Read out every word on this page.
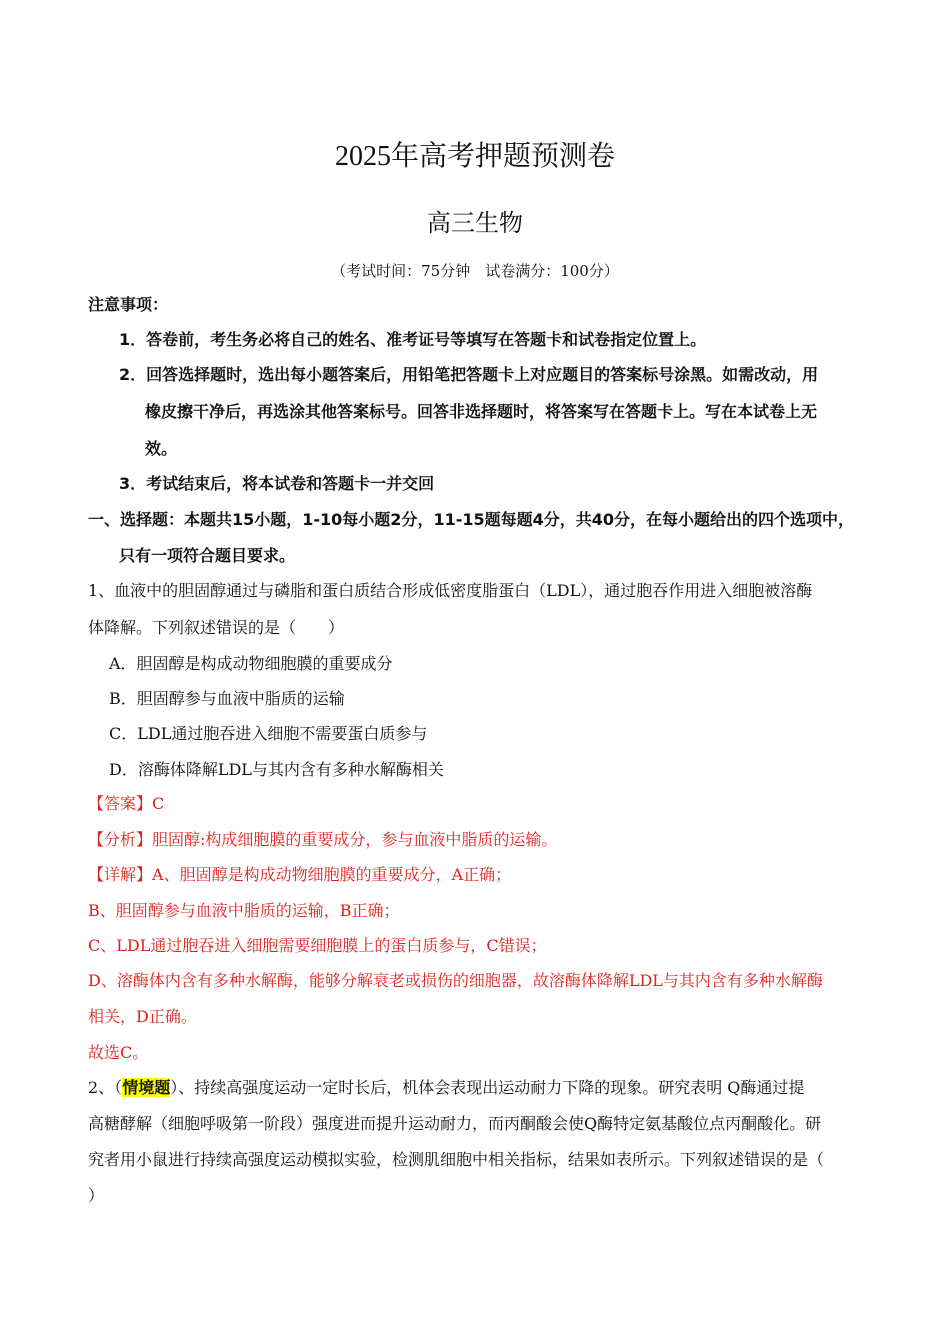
2025年高考押题预测卷
高三生物
（考试时间：75分钟　试卷满分：100分）
注意事项：
1．答卷前，考生务必将自己的姓名、准考证号等填写在答题卡和试卷指定位置上。
2．回答选择题时，选出每小题答案后，用铅笔把答题卡上对应题目的答案标号涂黑。如需改动，用
橡皮擦干净后，再选涂其他答案标号。回答非选择题时，将答案写在答题卡上。写在本试卷上无
效。
3．考试结束后，将本试卷和答题卡一并交回
一、选择题：本题共15小题，1-10每小题2分，11-15题每题4分，共40分，在每小题给出的四个选项中，
只有一项符合题目要求。
1、血液中的胆固醇通过与磷脂和蛋白质结合形成低密度脂蛋白（LDL），通过胞吞作用进入细胞被溶酶
体降解。下列叙述错误的是（　　）
A．胆固醇是构成动物细胞膜的重要成分
B．胆固醇参与血液中脂质的运输
C．LDL通过胞吞进入细胞不需要蛋白质参与
D．溶酶体降解LDL与其内含有多种水解酶相关
【答案】C
【分析】胆固醇:构成细胞膜的重要成分，参与血液中脂质的运输。
【详解】A、胆固醇是构成动物细胞膜的重要成分，A正确；
B、胆固醇参与血液中脂质的运输，B正确；
C、LDL通过胞吞进入细胞需要细胞膜上的蛋白质参与，C错误；
D、溶酶体内含有多种水解酶，能够分解衰老或损伤的细胞器，故溶酶体降解LDL与其内含有多种水解酶
相关，D正确。
故选C。
2、（情境题）、持续高强度运动一定时长后，机体会表现出运动耐力下降的现象。研究表明 Q酶通过提
高糖酵解（细胞呼吸第一阶段）强度进而提升运动耐力，而丙酮酸会使Q酶特定氨基酸位点丙酮酸化。研
究者用小鼠进行持续高强度运动模拟实验，检测肌细胞中相关指标，结果如表所示。下列叙述错误的是（
）
